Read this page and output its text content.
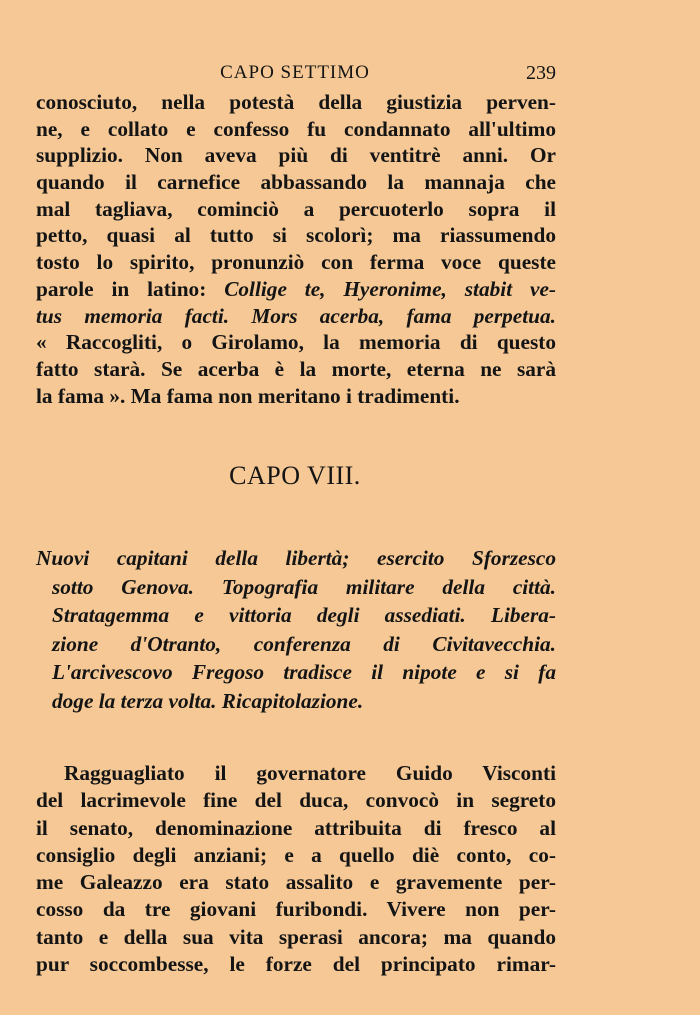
CAPO SETTIMO	239
conosciuto, nella potestà della giustizia perven-
ne, e collato e confesso fu condannato all'ultimo
supplizio. Non aveva più di ventitrè anni. Or
quando il carnefice abbassando la mannaja che
mal tagliava, cominciò a percuoterlo sopra il
petto, quasi al tutto si scolorì; ma riassumendo
tosto lo spirito, pronunziò con ferma voce queste
parole in latino: Collige te, Hyeronime, stabit ve-
tus memoria facti. Mors acerba, fama perpetua.
« Raccogliti, o Girolamo, la memoria di questo
fatto starà. Se acerba è la morte, eterna ne sarà
la fama ». Ma fama non meritano i tradimenti.
CAPO VIII.
Nuovi capitani della libertà; esercito Sforzesco
sotto Genova. Topografia militare della città.
Stratagemma e vittoria degli assediati. Libera-
zione d'Otranto, conferenza di Civitavecchia.
L'arcivescovo Fregoso tradisce il nipote e si fa
doge la terza volta. Ricapitolazione.
Ragguagliato il governatore Guido Visconti
del lacrimevole fine del duca, convocò in segreto
il senato, denominazione attribuita di fresco al
consiglio degli anziani; e a quello diè conto, co-
me Galeazzo era stato assalito e gravemente per-
cosso da tre giovani furibondi. Vivere non per-
tanto e della sua vita sperasi ancora; ma quando
pur soccombesse, le forze del principato rimar-
